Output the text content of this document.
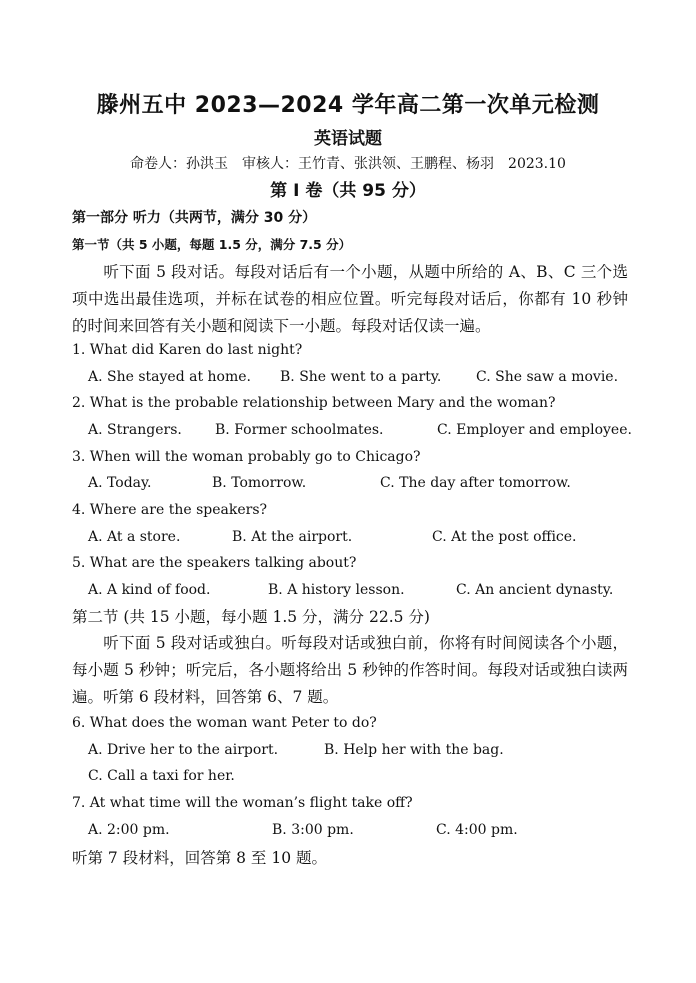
滕州五中 2023—2024 学年高二第一次单元检测
英语试题
命卷人：孙洪玉　审核人：王竹青、张洪领、王鹏程、杨羽　2023.10
第 I 卷（共 95 分）
第一部分 听力（共两节，满分 30 分）
第一节（共 5 小题，每题 1.5 分，满分 7.5 分）
听下面 5 段对话。每段对话后有一个小题，从题中所给的 A、B、C 三个选项中选出最佳选项，并标在试卷的相应位置。听完每段对话后，你都有 10 秒钟的时间来回答有关小题和阅读下一小题。每段对话仅读一遍。
1. What did Karen do last night?
A. She stayed at home. B. She went to a party. C. She saw a movie.
2. What is the probable relationship between Mary and the woman?
A. Strangers. B. Former schoolmates.	C. Employer and employee.
3. When will the woman probably go to Chicago?
A. Today.	B. Tomorrow.	C. The day after tomorrow.
4. Where are the speakers?
A. At a store.	B. At the airport.	C. At the post office.
5. What are the speakers talking about?
A. A kind of food.	B. A history lesson.	C. An ancient dynasty.
第二节 (共 15 小题，每小题 1.5 分，满分 22.5 分)
听下面 5 段对话或独白。听每段对话或独白前，你将有时间阅读各个小题，每小题 5 秒钟；听完后，各小题将给出 5 秒钟的作答时间。每段对话或独白读两遍。听第 6 段材料，回答第 6、7 题。
6. What does the woman want Peter to do?
A. Drive her to the airport.	B. Help her with the bag.
C. Call a taxi for her.
7. At what time will the woman’s flight take off?
A. 2:00 pm.	B. 3:00 pm.	C. 4:00 pm.
听第 7 段材料，回答第 8 至 10 题。
